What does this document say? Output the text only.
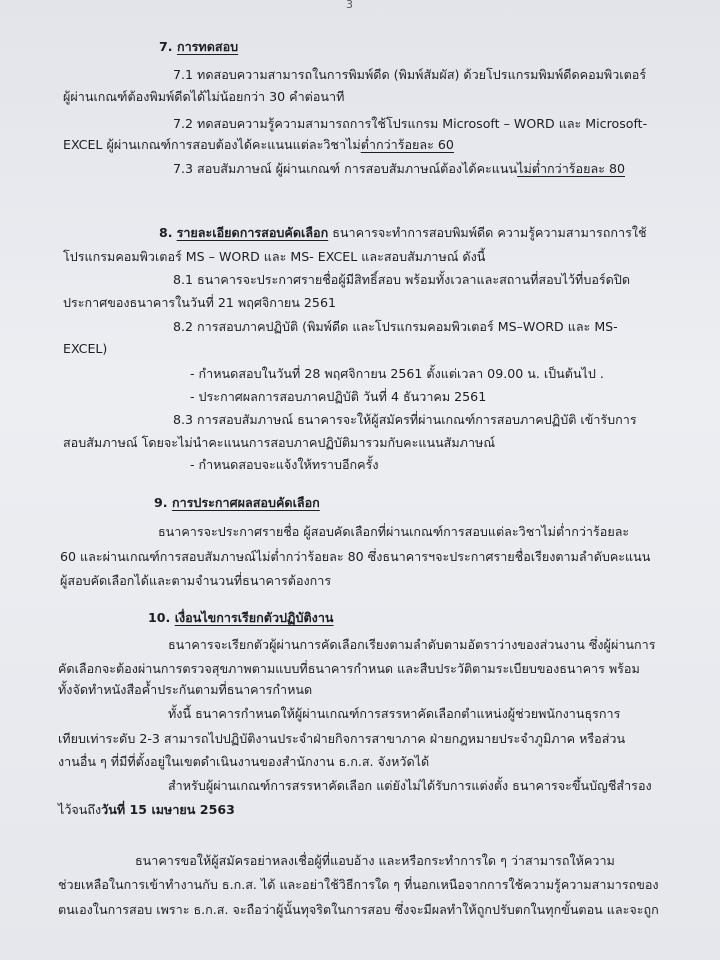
3
7. การทดสอบ
7.1 ทดสอบความสามารถในการพิมพ์ดีด (พิมพ์สัมผัส) ด้วยโปรแกรมพิมพ์ดีดคอมพิวเตอร์
ผู้ผ่านเกณฑ์ต้องพิมพ์ดีดได้ไม่น้อยกว่า 30 คำต่อนาที
7.2 ทดสอบความรู้ความสามารถการใช้โปรแกรม Microsoft – WORD และ Microsoft-
EXCEL ผู้ผ่านเกณฑ์การสอบต้องได้คะแนนแต่ละวิชาไม่ต่ำกว่าร้อยละ 60
7.3 สอบสัมภาษณ์ ผู้ผ่านเกณฑ์ การสอบสัมภาษณ์ต้องได้คะแนนไม่ต่ำกว่าร้อยละ 80
8. รายละเอียดการสอบคัดเลือก ธนาคารจะทำการสอบพิมพ์ดีด ความรู้ความสามารถการใช้
โปรแกรมคอมพิวเตอร์ MS – WORD และ MS- EXCEL และสอบสัมภาษณ์ ดังนี้
8.1 ธนาคารจะประกาศรายชื่อผู้มีสิทธิ์สอบ พร้อมทั้งเวลาและสถานที่สอบไว้ที่บอร์ดปิด
ประกาศของธนาคารในวันที่ 21 พฤศจิกายน 2561
8.2 การสอบภาคปฏิบัติ (พิมพ์ดีด และโปรแกรมคอมพิวเตอร์ MS–WORD และ MS-
EXCEL)
- กำหนดสอบในวันที่ 28 พฤศจิกายน 2561 ตั้งแต่เวลา 09.00 น. เป็นต้นไป .
- ประกาศผลการสอบภาคปฏิบัติ วันที่ 4 ธันวาคม 2561
8.3 การสอบสัมภาษณ์ ธนาคารจะให้ผู้สมัครที่ผ่านเกณฑ์การสอบภาคปฏิบัติ เข้ารับการ
สอบสัมภาษณ์ โดยจะไม่นำคะแนนการสอบภาคปฏิบัติมารวมกับคะแนนสัมภาษณ์
- กำหนดสอบจะแจ้งให้ทราบอีกครั้ง
9. การประกาศผลสอบคัดเลือก
ธนาคารจะประกาศรายชื่อ ผู้สอบคัดเลือกที่ผ่านเกณฑ์การสอบแต่ละวิชาไม่ต่ำกว่าร้อยละ
60 และผ่านเกณฑ์การสอบสัมภาษณ์ไม่ต่ำกว่าร้อยละ 80 ซึ่งธนาคารฯจะประกาศรายชื่อเรียงตามลำดับคะแนน
ผู้สอบคัดเลือกได้และตามจำนวนที่ธนาคารต้องการ
10. เงื่อนไขการเรียกตัวปฏิบัติงาน
ธนาคารจะเรียกตัวผู้ผ่านการคัดเลือกเรียงตามลำดับตามอัตราว่างของส่วนงาน ซึ่งผู้ผ่านการ
คัดเลือกจะต้องผ่านการตรวจสุขภาพตามแบบที่ธนาคารกำหนด และสืบประวัติตามระเบียบของธนาคาร พร้อม
ทั้งจัดทำหนังสือค้ำประกันตามที่ธนาคารกำหนด
ทั้งนี้ ธนาคารกำหนดให้ผู้ผ่านเกณฑ์การสรรหาคัดเลือกตำแหน่งผู้ช่วยพนักงานธุรการ
เทียบเท่าระดับ 2-3 สามารถไปปฏิบัติงานประจำฝ่ายกิจการสาขาภาค ฝ่ายกฎหมายประจำภูมิภาค หรือส่วน
งานอื่น ๆ ที่มีที่ตั้งอยู่ในเขตดำเนินงานของสำนักงาน ธ.ก.ส. จังหวัดได้
สำหรับผู้ผ่านเกณฑ์การสรรหาคัดเลือก แต่ยังไม่ได้รับการแต่งตั้ง ธนาคารจะขึ้นบัญชีสำรอง
ไว้จนถึงวันที่ 15 เมษายน 2563
ธนาคารขอให้ผู้สมัครอย่าหลงเชื่อผู้ที่แอบอ้าง และหรือกระทำการใด ๆ ว่าสามารถให้ความ
ช่วยเหลือในการเข้าทำงานกับ ธ.ก.ส. ได้ และอย่าใช้วิธีการใด ๆ ที่นอกเหนือจากการใช้ความรู้ความสามารถของ
ตนเองในการสอบ เพราะ ธ.ก.ส. จะถือว่าผู้นั้นทุจริตในการสอบ ซึ่งจะมีผลทำให้ถูกปรับตกในทุกขั้นตอน และจะถูก
